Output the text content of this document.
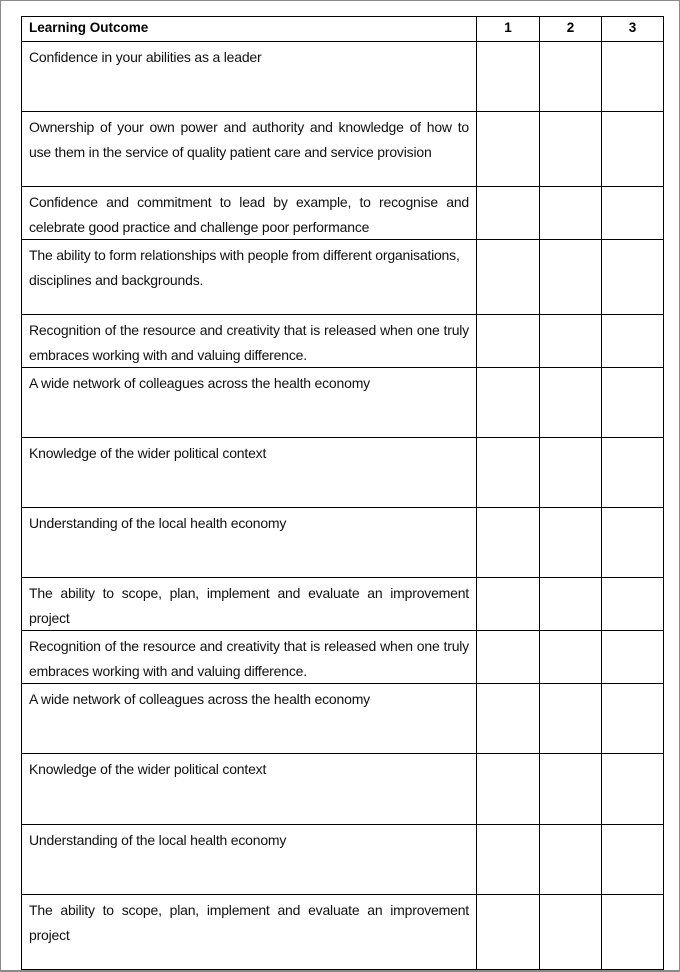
Learning Outcome	1	2	3
Confidence in your abilities as a leader			
Ownership of your own power and authority and knowledge of how to use them in the service of quality patient care and service provision			
Confidence and commitment to lead by example, to recognise and celebrate good practice and challenge poor performance			
The ability to form relationships with people from different organisations, disciplines and backgrounds.			
Recognition of the resource and creativity that is released when one truly embraces working with and valuing difference.			
A wide network of colleagues across the health economy			
Knowledge of the wider political context			
Understanding of the local health economy			
The ability to scope, plan, implement and evaluate an improvement project			
Recognition of the resource and creativity that is released when one truly embraces working with and valuing difference.			
A wide network of colleagues across the health economy			
Knowledge of the wider political context			
Understanding of the local health economy			
The ability to scope, plan, implement and evaluate an improvement project			
